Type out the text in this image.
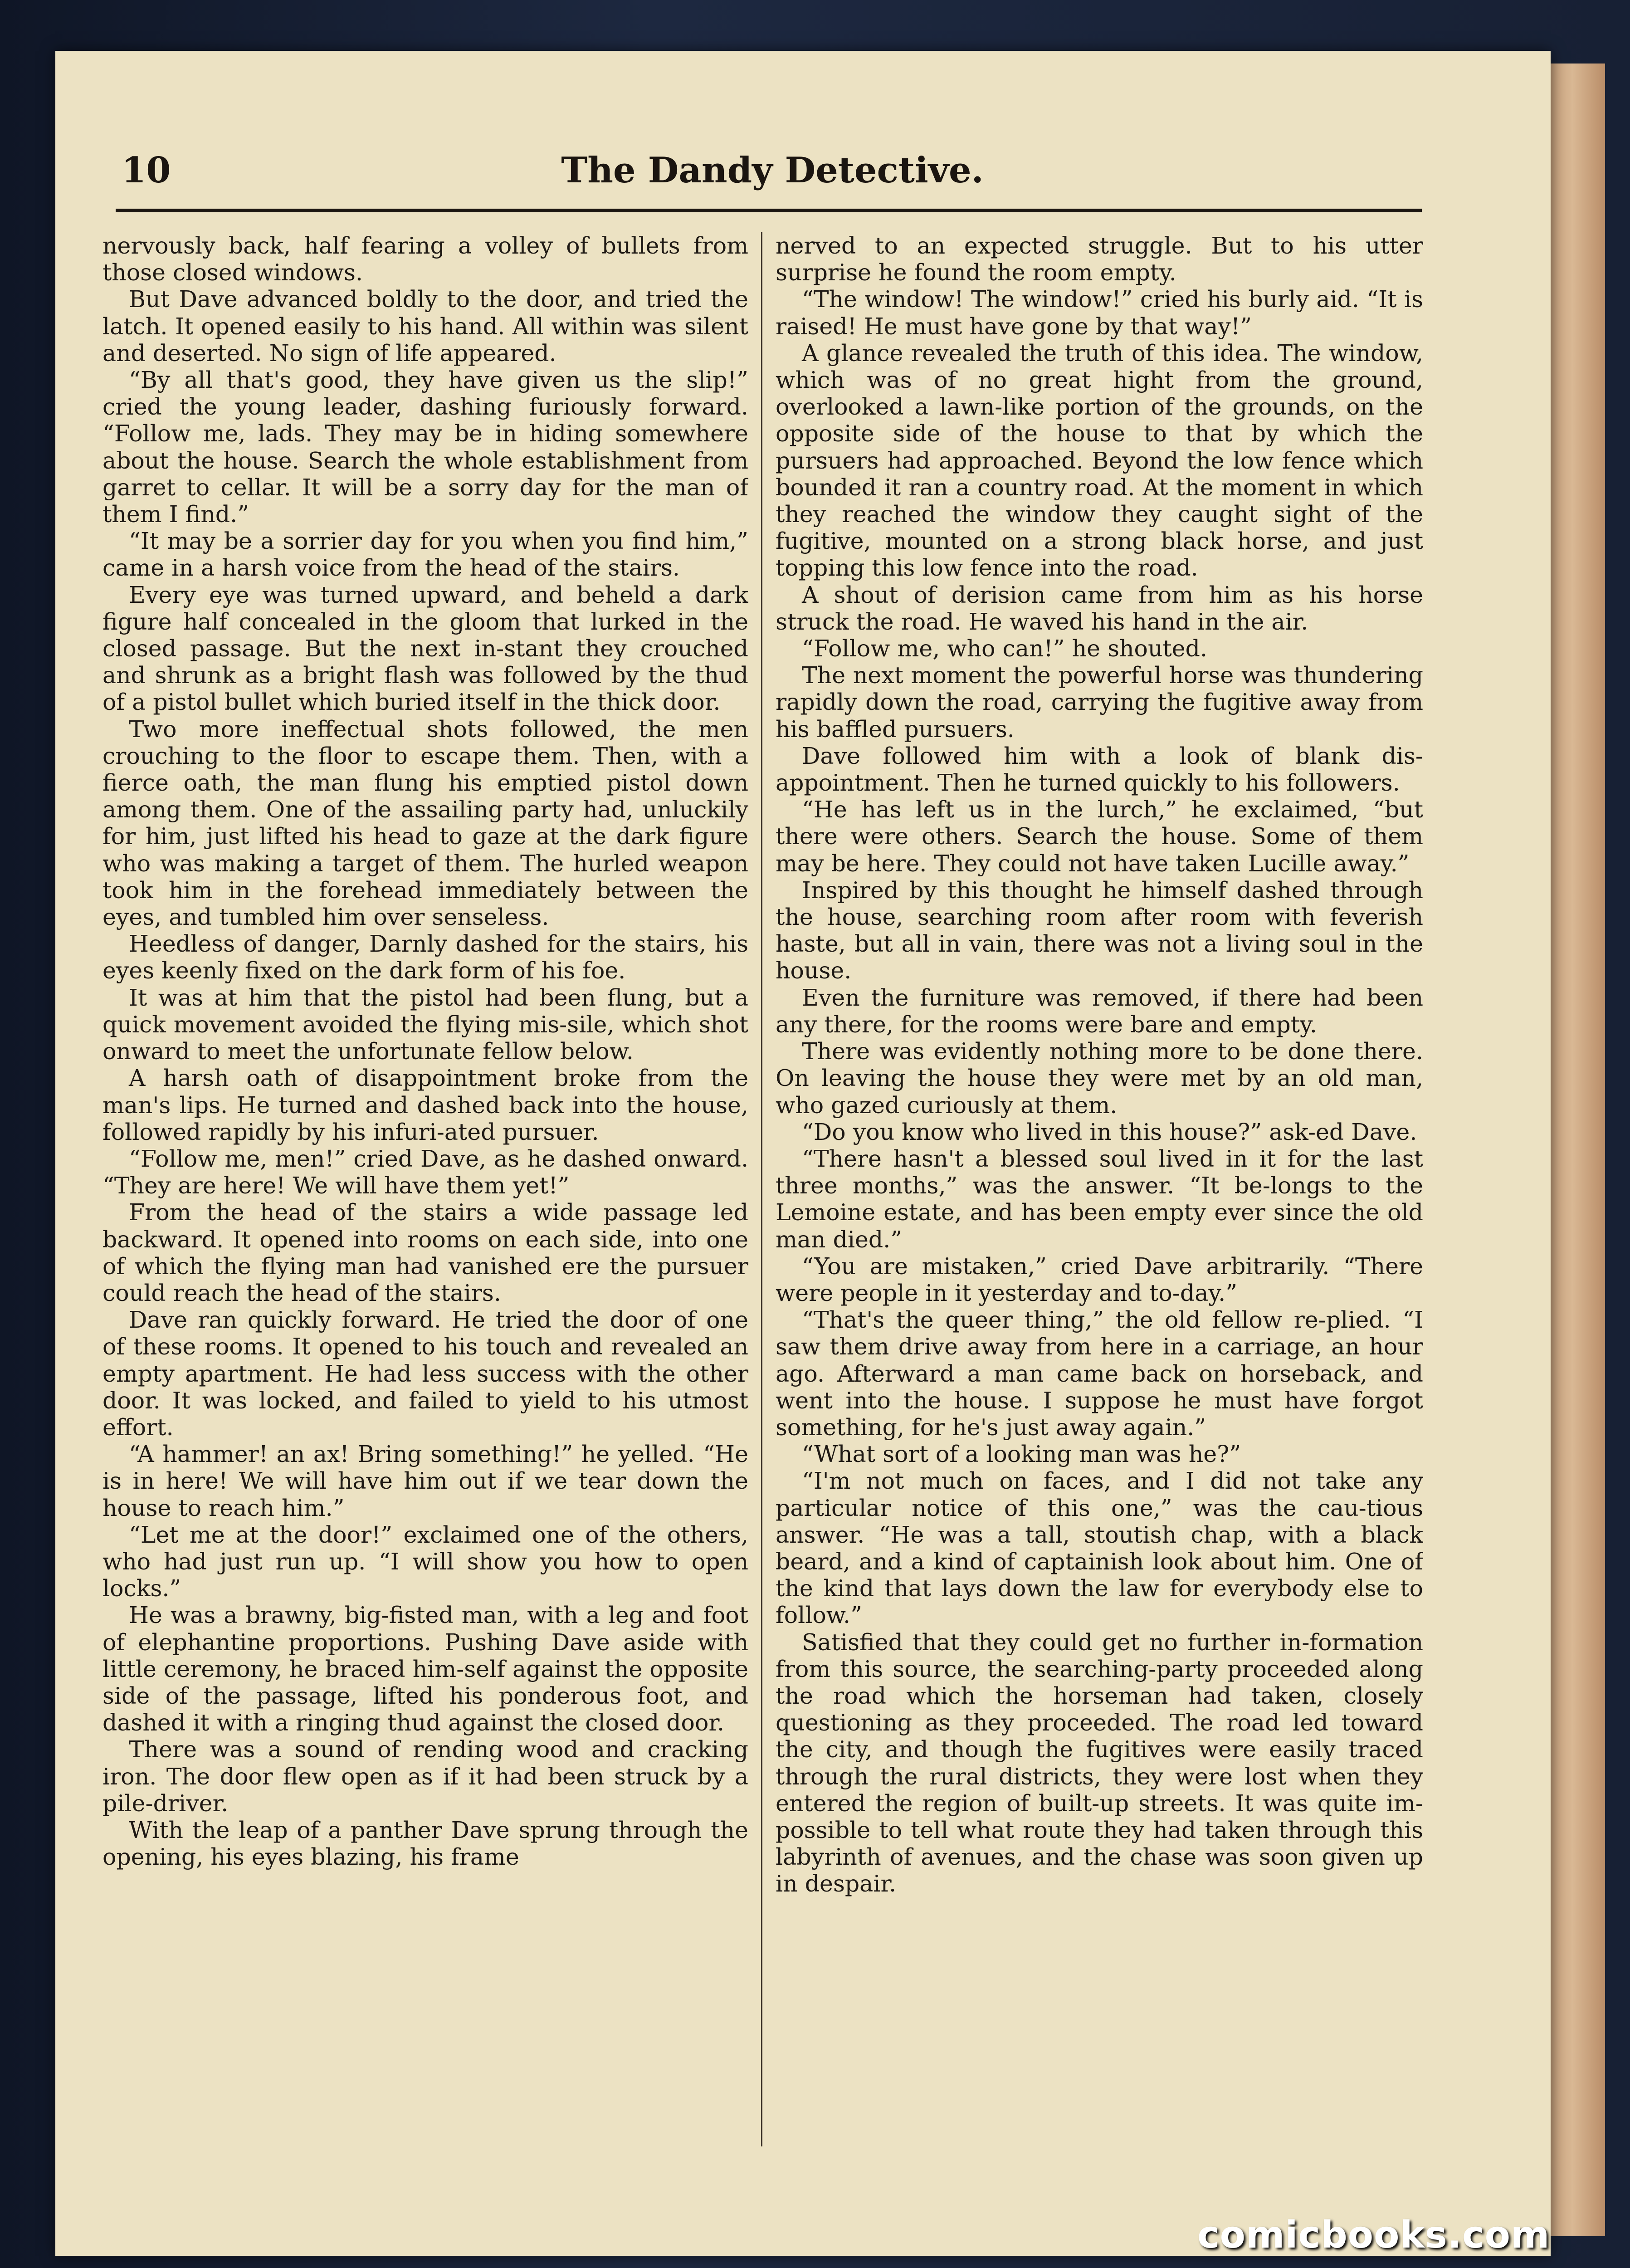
10	The Dandy Detective.

nervously back, half fearing a volley of bullets from those closed windows.

But Dave advanced boldly to the door, and tried the latch. It opened easily to his hand. All within was silent and deserted. No sign of life appeared.

“By all that's good, they have given us the slip!” cried the young leader, dashing furiously forward. “Follow me, lads. They may be in hiding somewhere about the house. Search the whole establishment from garret to cellar. It will be a sorry day for the man of them I find.”

“It may be a sorrier day for you when you find him,” came in a harsh voice from the head of the stairs.

Every eye was turned upward, and beheld a dark figure half concealed in the gloom that lurked in the closed passage. But the next in-stant they crouched and shrunk as a bright flash was followed by the thud of a pistol bullet which buried itself in the thick door.

Two more ineffectual shots followed, the men crouching to the floor to escape them. Then, with a fierce oath, the man flung his emptied pistol down among them. One of the assailing party had, unluckily for him, just lifted his head to gaze at the dark figure who was making a target of them. The hurled weapon took him in the forehead immediately between the eyes, and tumbled him over senseless.

Heedless of danger, Darnly dashed for the stairs, his eyes keenly fixed on the dark form of his foe.

It was at him that the pistol had been flung, but a quick movement avoided the flying mis-sile, which shot onward to meet the unfortunate fellow below.

A harsh oath of disappointment broke from the man's lips. He turned and dashed back into the house, followed rapidly by his infuri-ated pursuer.

“Follow me, men!” cried Dave, as he dashed onward. “They are here! We will have them yet!”

From the head of the stairs a wide passage led backward. It opened into rooms on each side, into one of which the flying man had vanished ere the pursuer could reach the head of the stairs.

Dave ran quickly forward. He tried the door of one of these rooms. It opened to his touch and revealed an empty apartment. He had less success with the other door. It was locked, and failed to yield to his utmost effort.

“A hammer! an ax! Bring something!” he yelled. “He is in here! We will have him out if we tear down the house to reach him.”

“Let me at the door!” exclaimed one of the others, who had just run up. “I will show you how to open locks.”

He was a brawny, big-fisted man, with a leg and foot of elephantine proportions. Pushing Dave aside with little ceremony, he braced him-self against the opposite side of the passage, lifted his ponderous foot, and dashed it with a ringing thud against the closed door.

There was a sound of rending wood and cracking iron. The door flew open as if it had been struck by a pile-driver.

With the leap of a panther Dave sprung through the opening, his eyes blazing, his frame

nerved to an expected struggle. But to his utter surprise he found the room empty.

“The window! The window!” cried his burly aid. “It is raised! He must have gone by that way!”

A glance revealed the truth of this idea. The window, which was of no great hight from the ground, overlooked a lawn-like portion of the grounds, on the opposite side of the house to that by which the pursuers had approached. Beyond the low fence which bounded it ran a country road. At the moment in which they reached the window they caught sight of the fugitive, mounted on a strong black horse, and just topping this low fence into the road.

A shout of derision came from him as his horse struck the road. He waved his hand in the air.

“Follow me, who can!” he shouted.

The next moment the powerful horse was thundering rapidly down the road, carrying the fugitive away from his baffled pursuers.

Dave followed him with a look of blank dis-appointment. Then he turned quickly to his followers.

“He has left us in the lurch,” he exclaimed, “but there were others. Search the house. Some of them may be here. They could not have taken Lucille away.”

Inspired by this thought he himself dashed through the house, searching room after room with feverish haste, but all in vain, there was not a living soul in the house.

Even the furniture was removed, if there had been any there, for the rooms were bare and empty.

There was evidently nothing more to be done there. On leaving the house they were met by an old man, who gazed curiously at them.

“Do you know who lived in this house?” ask-ed Dave.

“There hasn't a blessed soul lived in it for the last three months,” was the answer. “It be-longs to the Lemoine estate, and has been empty ever since the old man died.”

“You are mistaken,” cried Dave arbitrarily. “There were people in it yesterday and to-day.”

“That's the queer thing,” the old fellow re-plied. “I saw them drive away from here in a carriage, an hour ago. Afterward a man came back on horseback, and went into the house. I suppose he must have forgot something, for he's just away again.”

“What sort of a looking man was he?”

“I'm not much on faces, and I did not take any particular notice of this one,” was the cau-tious answer. “He was a tall, stoutish chap, with a black beard, and a kind of captainish look about him. One of the kind that lays down the law for everybody else to follow.”

Satisfied that they could get no further in-formation from this source, the searching-party proceeded along the road which the horseman had taken, closely questioning as they proceeded. The road led toward the city, and though the fugitives were easily traced through the rural districts, they were lost when they entered the region of built-up streets. It was quite im-possible to tell what route they had taken through this labyrinth of avenues, and the chase was soon given up in despair.

comicbooks.com
